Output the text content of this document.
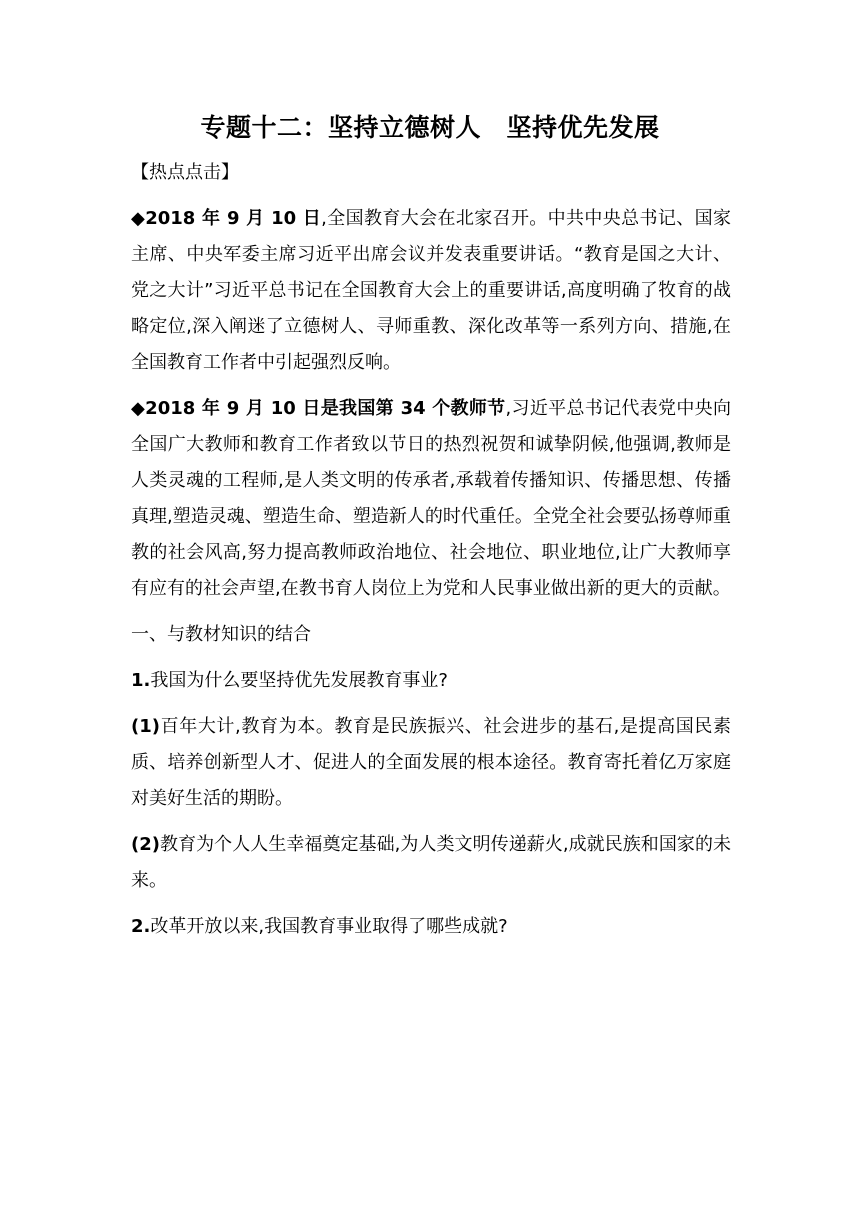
专题十二：坚持立德树人　坚持优先发展

【热点点击】

◆2018 年 9 月 10 日,全国教育大会在北家召开。中共中央总书记、国家主席、中央军委主席习近平出席会议并发表重要讲话。“教育是国之大计、党之大计”习近平总书记在全国教育大会上的重要讲话,高度明确了牧育的战略定位,深入阐迷了立德树人、寻师重教、深化改革等一系列方向、措施,在全国教育工作者中引起强烈反响。

◆2018 年 9 月 10 日是我国第 34 个教师节,习近平总书记代表党中央向全国广大教师和教育工作者致以节日的热烈祝贺和诚挚阴候,他强调,教师是人类灵魂的工程师,是人类文明的传承者,承载着传播知识、传播思想、传播真理,塑造灵魂、塑造生命、塑造新人的时代重任。全党全社会要弘扬尊师重教的社会风高,努力提高教师政治地位、社会地位、职业地位,让广大教师享有应有的社会声望,在教书育人岗位上为党和人民事业做出新的更大的贡献。

一、与教材知识的结合

1.我国为什么要坚持优先发展教育事业?

(1)百年大计,教育为本。教育是民族振兴、社会进步的基石,是提高国民素质、培养创新型人才、促进人的全面发展的根本途径。教育寄托着亿万家庭对美好生活的期盼。

(2)教育为个人人生幸福奠定基础,为人类文明传递薪火,成就民族和国家的未来。

2.改革开放以来,我国教育事业取得了哪些成就?
